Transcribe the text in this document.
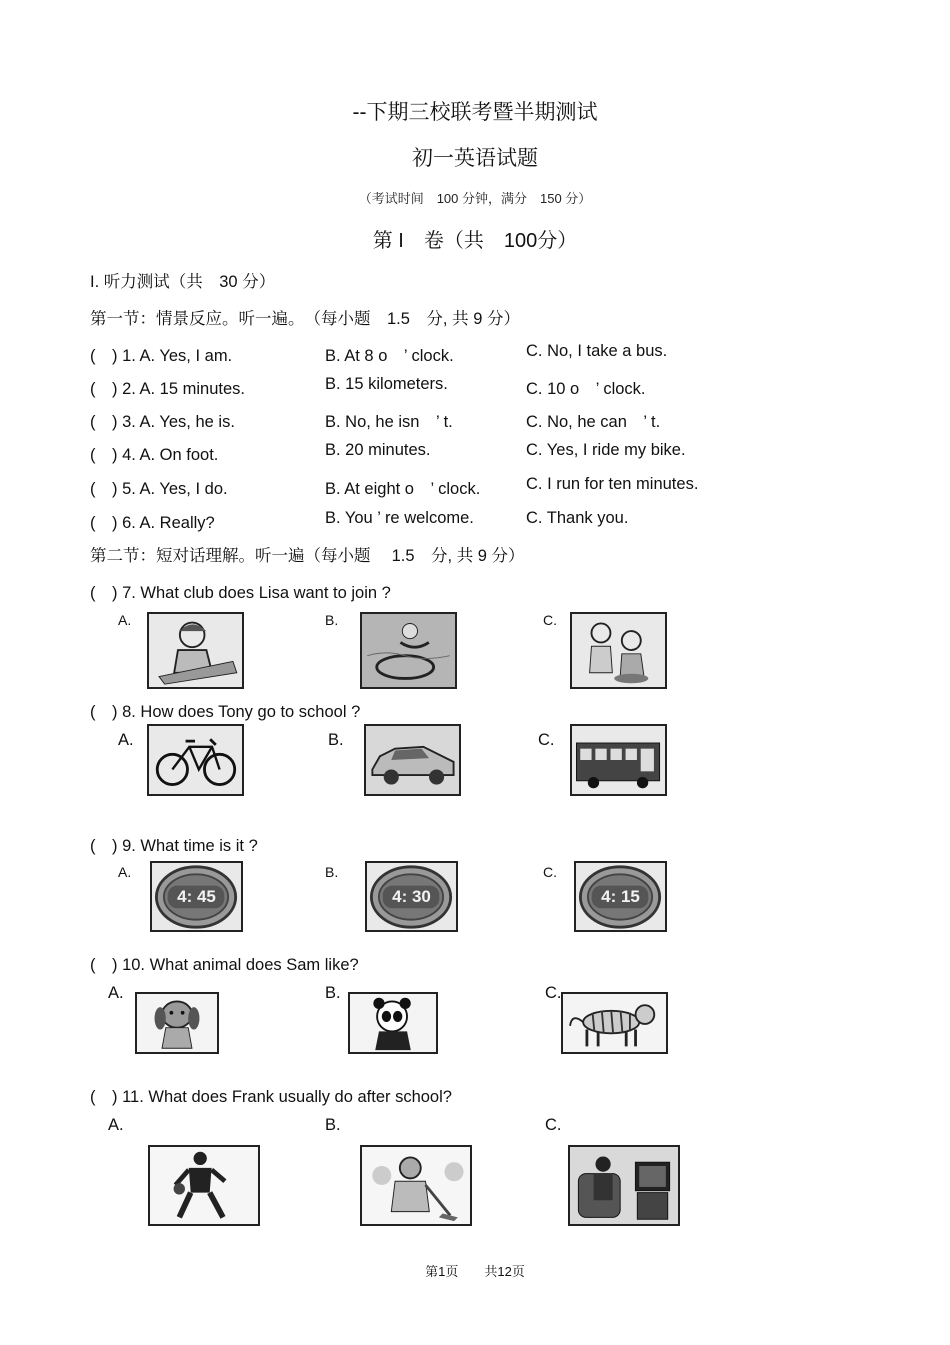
--下期三校联考暨半期测试
初一英语试题
（考试时间　100 分钟，满分　150 分）
第 I　卷（共　100分）
I. 听力测试（共　30 分）
第一节：情景反应。听一遍。　（每小题　1.5　分, 共 9 分）
(　) 1. A. Yes, I am.	B. At 8 o　’ clock.	C. No, I take a bus.
(　) 2. A. 15 minutes.	B. 15 kilometers.	C. 10 o　’ clock.
(　) 3. A. Yes, he is.	B. No, he isn　’ t.	C. No, he can　’ t.
(　) 4. A. On foot.	B. 20 minutes.	C. Yes, I ride my bike.
(　) 5. A. Yes, I do.	B. At eight o　’ clock.	C. I run for ten minutes.
(　) 6. A. Really?	B. You ’ re welcome.	C. Thank you.
第二节：短对话理解。听一遍（每小题　 1.5　分, 共 9 分）
(　) 7. What club does Lisa want to join ?
A.	B.	C.
(　) 8. How does Tony go to school ?
A.	B.	C.
(　) 9. What time is it ?
A.	B.	C.
4: 45	4: 30	4: 15
(　) 10. What animal does Sam like?
A.	B.	C.
(　) 11. What does Frank usually do after school?
A.	B.	C.
第1页　　共12页
